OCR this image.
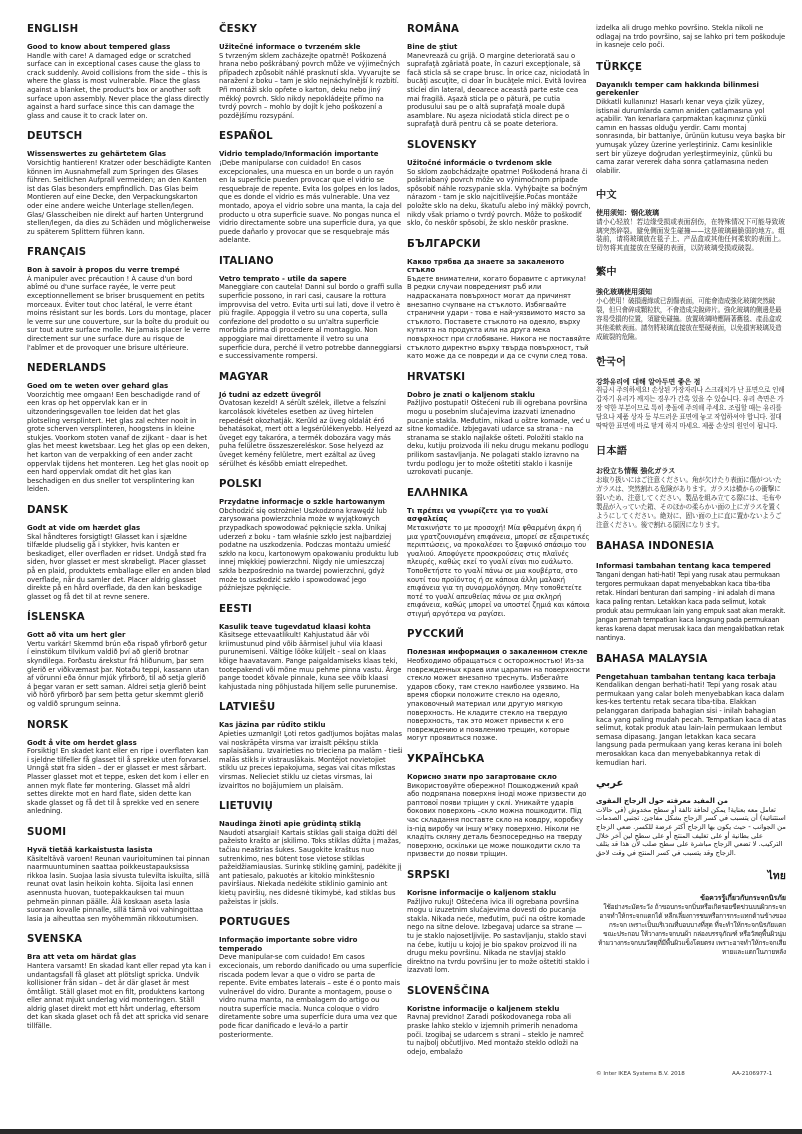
ENGLISH
Good to know about tempered glass
Handle with care! A damaged edge or scratched surface can in exceptional cases cause the glass to crack suddenly. Avoid collisions from the side – this is where the glass is most vulnerable. Place the glass against a blanket, the product's box or another soft surface upon assembly. Never place the glass directly against a hard surface since this can damage the glass and cause it to crack later on.
DEUTSCH
Wissenswertes zu gehärtetem Glas
Vorsichtig hantieren! Kratzer oder beschädigte Kanten können im Ausnahmefall zum Springen des Glases führen. Seitlichen Aufprall vermeiden; an den Kanten ist das Glas besonders empfindlich. Das Glas beim Montieren auf eine Decke, den Verpackungskarton oder eine andere weiche Unterlage stellen/legen. Glas/ Glasscheiben nie direkt auf harten Untergrund stellen/legen, da dies zu Schäden und möglicherweise zu späterem Splittern führen kann.
FRANÇAIS
Bon à savoir à propos du verre trempé
À manipuler avec précaution ! À cause d'un bord abîmé ou d'une surface rayée, le verre peut exceptionnellement se briser brusquement en petits morceaux. Éviter tout choc latéral, le verre étant moins résistant sur les bords. Lors du montage, placer le verre sur une couverture, sur la boîte du produit ou sur tout autre surface molle. Ne jamais placer le verre directement sur une surface dure au risque de l'abîmer et de provoquer une brisure ultérieure.
NEDERLANDS
Goed om te weten over gehard glas
Voorzichtig mee omgaan! Een beschadigde rand of een kras op het oppervlak kan er in uitzonderingsgevallen toe leiden dat het glas plotseling versplintert. Het glas zal echter nooit in grote scherven versplinteren, hoogstens in kleine stukjes. Voorkom stoten vanaf de zijkant - daar is het glas het meest kwetsbaar. Leg het glas op een deken, het karton van de verpakking of een ander zacht oppervlak tijdens het monteren. Leg het glas nooit op een hard oppervlak omdat dit het glas kan beschadigen en dus sneller tot versplintering kan leiden.
DANSK
Godt at vide om hærdet glas
Skal håndteres forsigtigt! Glasset kan i sjældne tilfælde pludselig gå i stykker, hvis kanten er beskadiget, eller overfladen er ridset. Undgå stød fra siden, hvor glasset er mest skrøbeligt. Placer glasset på en plaid, produktets emballage eller en anden blød overflade, når du samler det. Placer aldrig glasset direkte på en hård overflade, da den kan beskadige glasset og få det til at revne senere.
ÍSLENSKA
Gott að vita um hert gler
Vertu varkár! Skemmd brún eða rispað yfirborð getur í einstökum tilvikum valdið því að glerið brotnar skyndilega. Forðastu árekstur frá hliðunum, þar sem glerið er viðkvæmast þar. Notaðu teppi, kassann utan af vörunni eða önnur mjúk yfirborð, til að setja glerið á þegar varan er sett saman. Aldrei setja glerið beint við hörð yfirborð þar sem þetta getur skemmt glerið og valdið sprungum seinna.
NORSK
Godt å vite om herdet glass
Forsiktig! En skadet kant eller en ripe i overflaten kan i sjeldne tilfeller få glasset til å sprekke uten forvarsel. Unngå støt fra siden – der er glasset er mest sårbart. Plasser glasset mot et teppe, esken det kom i eller en annen myk flate før montering. Glasset må aldri settes direkte mot en hard flate, siden dette kan skade glasset og få det til å sprekke ved en senere anledning.
SUOMI
Hyvä tietää karkaistusta lasista
Käsiteltävä varoen! Reunan vaurioituminen tai pinnan naarmuuntuminen saattaa poikkeustapauksissa rikkoa lasin. Suojaa lasia sivusta tulevilta iskuilta, sillä reunat ovat lasin heikoin kohta. Sijoita lasi ennen asennusta huovan, tuotepakkauksen tai muun pehmeän pinnan päälle. Älä koskaan aseta lasia suoraan kovalle pinnalle, sillä tämä voi vahingoittaa lasia ja aiheuttaa sen myöhemmän rikkoutumisen.
SVENSKA
Bra att veta om härdat glas
Hantera varsamt! En skadad kant eller repad yta kan i undantagsfall få glaset att plötsligt spricka. Undvik kollisioner från sidan – det är där glaset är mest ömtåligt. Ställ glaset mot en filt, produktens kartong eller annat mjukt underlag vid monteringen. Ställ aldrig glaset direkt mot ett hårt underlag, eftersom det kan skada glaset och få det att spricka vid senare tillfälle.
ČESKY
Užitečné informace o tvrzeném skle
S tvrzeným sklem zacházejte opatrně! Poškozená hrana nebo poškrábaný povrch může ve výjimečných případech způsobit náhlé prasknutí skla. Vyvarujte se naražení z boku – tam je sklo nejnáchylnější k rozbití. Při montáži sklo opřete o karton, deku nebo jiný měkký povrch. Sklo nikdy nepokládejte přímo na tvrdý povrch – mohlo by dojít k jeho poškození a pozdějšímu rozsypání.
ESPAÑOL
Vidrio templado/Información importante
¡Debe manipularse con cuidado! En casos excepcionales, una muesca en un borde o un rayón en la superficie pueden provocar que el vidrio se resquebraje de repente. Evita los golpes en los lados, que es donde el vidrio es más vulnerable. Una vez montado, apoya el vidrio sobre una manta, la caja del producto u otra superficie suave. No pongas nunca el vidrio directamente sobre una superficie dura, ya que puede dañarlo y provocar que se resquebraje más adelante.
ITALIANO
Vetro temprato - utile da sapere
Maneggiare con cautela! Danni sul bordo o graffi sulla superficie possono, in rari casi, causare la rottura improvvisa del vetro. Evita urti sui lati, dove il vetro è più fragile. Appoggia il vetro su una coperta, sulla confezione del prodotto o su un'altra superficie morbida prima di procedere al montaggio. Non appoggiare mai direttamente il vetro su una superficie dura, perché il vetro potrebbe danneggiarsi e successivamente rompersi.
MAGYAR
Jó tudni az edzett üvegről
Óvatosan kezeld! A sérült szélek, illetve a felszíni karcolások kivételes esetben az üveg hirtelen repedését okozhatják. Kerüld az üveg oldalát érő behatásokat, mert ott a legsérülékenyebb. Helyezd az üveget egy takaróra, a termék dobozára vagy más puha felületre összeszereléskor. Sose helyezd az üveget kemény felületre, mert ezáltal az üveg sérülhet és később emiatt elrepedhet.
POLSKI
Przydatne informacje o szkle hartowanym
Obchodzić się ostrożnie! Uszkodzona krawędź lub zarysowana powierzchnia może w wyjątkowych przypadkach spowodować pęknięcie szkła. Unikaj uderzeń z boku - tam właśnie szkło jest najbardziej podatne na uszkodzenia. Podczas montażu umieść szkło na kocu, kartonowym opakowaniu produktu lub innej miękkiej powierzchni. Nigdy nie umieszczaj szkła bezpośrednio na twardej powierzchni, gdyż może to uszkodzić szkło i spowodować jego późniejsze pęknięcie.
EESTI
Kasulik teave tugevdatud klaasi kohta
Käsitsege ettevaatlikult! Kahjustatud äär või kriimustunud pind võib äärmisel juhul viia klaasi purunemiseni. Vältige lööke küljelt - seal on klaas kõige haavatavam. Pange paigaldamiseks klaas teki, tootepakendi või mõne muu pehme pinna vastu. Ärge pange toodet kõvale pinnale, kuna see võib klaasi kahjustada ning põhjustada hiljem selle purunemise.
LATVIEŠU
Kas jāzina par rūdīto stiklu
Apieties uzmanīgi! Ļoti retos gadījumos bojātas malas vai noskrāpēta virsma var izraisīt pēkšņu stikla saplaisāšanu. Izvairieties no trieciena pa malām - tieši malās stikls ir vistrauslākais. Montējot novietojiet stiklu uz preces iepakojuma, segas vai citas mīkstas virsmas. Nelieciet stiklu uz cietas virsmas, lai izvairītos no bojājumiem un plaisām.
LIETUVIŲ
Naudinga žinoti apie grūdintą stiklą
Naudoti atsargiai! Kartais stiklas gali staiga dūžti dėl pažeisto krašto ar įskilimo. Toks stiklas dūžta į mažas, tačiau neaštrias šukes. Saugokite kraštus nuo sutrenkimo, nes būtent tose vietose stiklas pažeidžiamiausias. Surinkę stiklinę gaminį, padėkite jį ant patiesalo, pakuotės ar kitokio minkštesnio paviršiaus. Niekada nedėkite stiklinio gaminio ant kietų paviršių, nes didesnė tikimybė, kad stiklas bus pažeistas ir įskils.
PORTUGUES
Informação importante sobre vidro temperado
Deve manipular-se com cuidado! Em casos excecionais, um rebordo danificado ou uma superfície riscada podem levar a que o vidro se parta de repente. Evite embates laterais – este é o ponto mais vulnerável do vidro. Durante a montagem, pouse o vidro numa manta, na embalagem do artigo ou noutra superfície macia. Nunca coloque o vidro diretamente sobre uma superfície dura uma vez que pode ficar danificado e levá-lo a partir posteriormente.
ROMÂNA
Bine de ştiut
Manevrează cu grijă. O margine deteriorată sau o suprafaţă zgâriată poate, în cazuri excepţionale, să facă sticla să se crape brusc. În orice caz, niciodată în bucăţi ascuţite, ci doar în bucăţele mici. Evită lovirea sticlei din lateral, deoarece această parte este cea mai fragilă. Aşază sticla pe o pătură, pe cutia produsului sau pe o altă suprafaţă moale după asamblare. Nu aşeza niciodată sticla direct pe o suprafaţă dură pentru că se poate deteriora.
SLOVENSKY
Užitočné informácie o tvrdenom skle
So sklom zaobchádzajte opatrne! Poškodená hrana či poškriabaný povrch môže vo výnimočnom prípade spôsobiť náhle rozsypanie skla. Vyhýbajte sa bočným nárazom - tam je sklo najcitlivejšie.Počas montáže položte sklo na deku, škatuľu alebo iný mäkký povrch, nikdy však priamo o tvrdý povrch. Môže to poškodiť sklo, čo neskôr spôsobí, že sklo neskôr praskne.
БЪЛГАРСКИ
Какво трябва да знаете за закаленото стъкло
Бъдете внимателни, когато боравите с артикула! В редки случаи повреденият ръб или надрасканата повърхност могат да причинят внезапно счупване на стъклото. Избягвайте странични удари - това е най-уязвимото място за стъклото. Поставете стъклото на одеяло, върху кутията на продукта или на друга мека повърхност при сглобяване. Никога не поставяйте стъклото директно върху твърда повърхност, тъй като може да се повреди и да се счупи след това.
HRVATSKI
Dobro je znati o kaljenom staklu
Pažljivo postupati! Oštećeni rub ili ogrebana površina mogu u posebnim slučajevima izazvati iznenadno pucanje stakla. Međutim, nikad u oštre komade, već u sitne komadiće. Izbjegavati udarce sa strana - na stranama se staklo najlakše ošteti. Položiti staklo na deku, kutiju proizvoda ili neku drugu mekanu podlogu prilikom sastavljanja. Ne polagati staklo izravno na tvrdu podlogu jer to može oštetiti staklo i kasnije uzrokovati pucanje.
ΕΛΛΗΝΙΚΑ
Τι πρέπει να γνωρίζετε για το γυαλί ασφαλείας
Μετακινήστε το με προσοχή! Μία φθαρμένη άκρη ή μια γρατζουνισμένη επιφάνεια, μπορεί σε εξαιρετικές περιπτώσεις, να προκαλέσει το ξαφνικό σπάσιμο του γυαλιού. Αποφύγετε προσκρούσεις στις πλαϊνές πλευρές, καθώς εκεί το γυαλί είναι πιο ευάλωτο. Τοποθετήστε το γυαλί πάνω σε μια κουβέρτα, στο κουτί του προϊόντος ή σε κάποια άλλη μαλακή επιφάνεια για τη συναρμολόγηση. Μην τοποθετείτε ποτέ το γυαλί απευθείας πάνω σε μια σκληρή επιφάνεια, καθώς μπορεί να υποστεί ζημιά και κάποια στιγμή αργότερα να ραγίσει.
РУССКИЙ
Полезная информация о закаленном стекле
Необходимо обращаться с осторожностью! Из-за поврежденных краев или царапин на поверхности стекло может внезапно треснуть. Избегайте ударов сбоку, там стекло наиболее уязвимо. На время сборки положите стекло на одеяло, упаковочный материал или другую мягкую поверхность. Не кладите стекло на твердую поверхность, так это может привести к его повреждению и появлению трещин, которые могут проявиться позже.
УКРАЇНСЬКА
Корисно знати про загартоване скло
Використовуйте обережно! Пошкоджений край або подряпана поверхня іноді може призвести до раптової появи тріщин у склі. Уникайте ударів бокових поверхонь –скло можна пошкодити. Під час складання поставте скло на ковдру, коробку із-під виробу чи іншу м'яку поверхню. Ніколи не кладіть скляну деталь безпосередньо на тверду поверхню, оскільки це може пошкодити скло та призвести до появи тріщин.
SRPSKI
Korisne informacije o kaljenom staklu
Pažljivo rukuj! Oštećena ivica ili ogrebana površina mogu u izuzetnim slučajevima dovesti do pucanja stakla. Nikada neće, međutim, pući na oštre komade nego na sitne delove. Izbegavaj udarce sa strane — tu je staklo najosetljivije. Po sastavljanju, staklo stavi na ćebe, kutiju u kojoj je bio spakov proizvod ili na drugu meku površinu. Nikada ne stavljaj staklo direktno na tvrdu površinu jer to može oštetiti staklo i izazvati lom.
SLOVENŠČINA
Koristne informacije o kaljenem steklu
Ravnaj previdno! Zaradi poškodovanega roba ali praske lahko steklo v izjemnih primerih nenadoma poči. Izogibaj se udarcem s strani – steklo je namreč tu najbolj občutljivo. Med montažo steklo odloži na odejo, embalažo
izdelka ali drugo mehko površino. Stekla nikoli ne odlagaj na trdo površino, saj se lahko pri tem poškoduje in kasneje celo poči.
TÜRKÇE
Dayanıklı temper cam hakkında bilinmesi gerekenler
Dikkatli kullanınız! Hasarlı kenar veya çizik yüzey, istisnai durumlarda camın aniden çatlamasına yol açabilir. Yan kenarlara çarpmaktan kaçınınız çünkü camın en hassas olduğu yerdir. Camı montaj sonrasında, bir battaniye, ürünün kutusu veya başka bir yumuşak yüzey üzerine yerleştiriniz. Camı kesinlikle sert bir yüzeye doğrudan yerleştirmeyiniz, çünkü bu cama zarar vererek daha sonra çatlamasına neden olabilir.
中文
使用须知：钢化玻璃
请小心轻放！若边缘受损或表面刮伤，在特殊情况下可能导致玻璃突然碎裂。避免侧面发生碰撞——这是玻璃最脆弱的地方。组装前，请将玻璃放在毯子上、产品盒或其他任何柔软的表面上。切勿将其直接放在坚硬的表面，以防玻璃受损或破裂。
繁中
強化玻璃使用須知
小心使用！破損邊緣或已刮傷表面，可能會造成強化玻璃突然破裂，但只會碎成顆粒狀，不會造成尖銳碎片。強化玻璃的側邊是最容易受損的位置，須避免碰撞。放置玻璃時應隔著舊毯、產品盒或其他柔軟表面。請勿將玻璃直接放在堅硬表面，以免損害玻璃及造成破裂的危險。
한국어
강화유리에 대해 알아두면 좋은 점
취급시 주의하세요! 손상된 가장자리나 스크래치가 난 표면으로 인해 갑자기 유리가 깨지는 경우가 간혹 있을 수 있습니다. 유리 측면은 가장 약한 부분이므로 특히 충돌에 주의해 주세요. 조립할 때는 유리를 담요나 제품 상자 등 부드러운 표면에 놓고 작업하셔야 합니다. 절대 딱딱한 표면에 바로 닿게 하지 마세요. 제품 손상의 원인이 됩니다.
日本語
お役立ち情報 強化ガラス
お取り扱いにはご注意ください。角が欠けたり表面に傷がついたガラスは、突然割れる危険があります。ガラスは横からの衝撃に弱いため、注意してください。製品を組み立てる際には、毛布や製品が入っていた箱、そのほかの柔らかい面の上にガラスを置くようにしてください。絶対に、固い面の上に直に置かないようご注意ください。後で割れる原因になります。
BAHASA INDONESIA
Informasi tambahan tentang kaca tempered
Tangani dengan hati-hati! Tepi yang rusak atau permukaan tergores permukaan dapat menyebabkan kaca tiba-tiba retak. Hindari benturan dari samping - ini adalah di mana kaca paling rentan. Letakkan kaca pada selimut, kotak produk atau permukaan lain yang empuk saat akan merakit. Jangan pernah tempatkan kaca langsung pada permukaan keras karena dapat merusak kaca dan mengakibatkan retak nantinya.
BAHASA MALAYSIA
Pengetahuan tambahan tentang kaca terbaja
Kendalikan dengan berhati-hati! Tepi yang rosak atau permukaan yang calar boleh menyebabkan kaca dalam kes-kes tertentu retak secara tiba-tiba. Elakkan pelanggaran daripada bahagian sisi - inilah bahagian kaca yang paling mudah pecah. Tempatkan kaca di atas selimut, kotak produk atau lain-lain permukaan lembut semasa dipasang. Jangan letakkan kaca secara langsung pada permukaan yang keras kerana ini boleh merosakkan kaca dan menyebabkannya retak di kemudian hari.
عربي
من المفيد معرفته حول الزجاج المقوى
تعامل معه بعناية! يمكن لحافة تالفة أو سطح مخدوش (في حالات استثنائية) أن يتسبب في كسر الزجاج بشكل مفاجئ. تجنبي الصدمات من الجوانب - حيث يكون بها الزجاج أكثر عرضة للكسر. ضعي الزجاج على بطانية أو على تغليف المنتج أو على سطح لين آخر خلال التركيب. لا تضعي الزجاج مباشرة على سطح صلب لأن هذا قد يتلف الزجاج وقد يتسبب في كسر المنتج في وقت لاحق.
ไทย
ข้อควรรู้เกี่ยวกับกระจกนิรภัย
ใช้อย่างระมัดระวัง ถ้าขอบกระจกบิ่นหรือเกิดรอยขีดข่วนบนผิวกระจก อาจทำให้กระจกแตกได้ หลีกเลี่ยงการชนหรือการกระแทกด้านข้างของกระจก เพราะเป็นบริเวณที่บอบบางที่สุด ที่จะทำให้กระจกนิรภัยแตก ขณะประกอบ ให้วางกระจกบนผ้า กล่องบรรจุภัณฑ์ หรือวัสดุพื้นผิวนุ่ม ห้ามวางกระจกบนวัสดุที่มีพื้นผิวแข็งโดยตรง เพราะอาจทำให้กระจกเสียหายและแตกในภายหลัง
© Inter IKEA Systems B.V. 2018	AA-2106977-1
